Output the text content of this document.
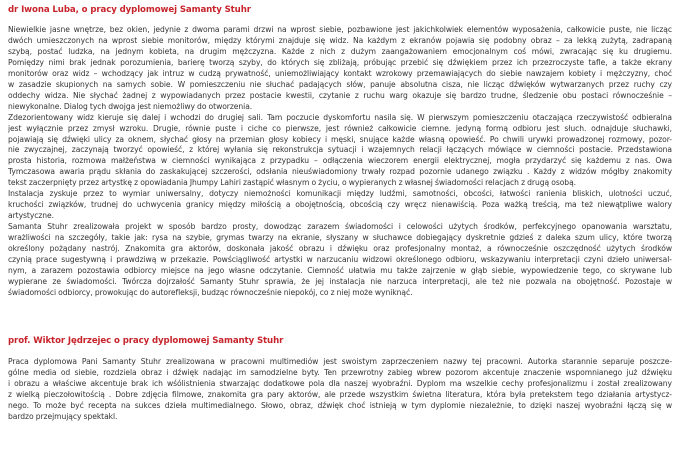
dr Iwona Luba, o pracy dyplomowej Samanty Stuhr
Niewielkie jasne wnętrze, bez okien, jedynie z dwoma parami drzwi na wprost siebie, pozbawione jest jakichkolwiek elementów wyposażenia, całkowicie puste, nie licząc
dwóch umieszczonych na wprost siebie monitorów, między którymi znajduje się widz. Na każdym z ekranów pojawia się podobny obraz – za lekką zużytą, zadrapaną
szybą, postać ludzka, na jednym kobieta, na drugim mężczyzna. Każde z nich z dużym zaangażowaniem emocjonalnym coś mówi, zwracając się ku drugiemu.
Pomiędzy nimi brak jednak porozumienia, barierę tworzą szyby, do których się zbliżają, próbując przebić się dźwiękiem przez ich przezroczyste tafle, a także ekrany
monitorów oraz widz – wchodzący jak intruz w cudzą prywatność, uniemożliwiający kontakt wzrokowy przemawiających do siebie nawzajem kobiety i mężczyzny, choć
w zasadzie skupionych na samych sobie. W pomieszczeniu nie słuchać padających słów, panuje absolutna cisza, nie licząc dźwięków wytwarzanych przez ruchy czy
oddechy widza. Nie słychać żadnej z wypowiadanych przez postacie kwestii, czytanie z ruchu warg okazuje się bardzo trudne, śledzenie obu postaci równocześnie –
niewykonalne. Dialog tych dwojga jest niemożliwy do otworzenia.
Zdezorientowany widz kieruje się dalej i wchodzi do drugiej sali. Tam poczucie dyskomfortu nasila się. W pierwszym pomieszczeniu otaczająca rzeczywistość odbieralna
jest wyłącznie przez zmysł wzroku. Drugie, równie puste i ciche co pierwsze, jest również całkowicie ciemne. jedyną formą odbioru jest słuch. odnajduje słuchawki,
pojawiają się dźwięki ulicy za oknem, słychać głosy na przemian głosy kobiecy i męski, snujące każde własną opowieść. Po chwili urywki prowadzonej rozmowy, pozor-
nie zwyczajnej, zaczynają tworzyć opowieść, z której wyłania się rekonstrukcja sytuacji i wzajemnych relacji łączących mówiące w ciemności postacie. Przedstawiona
prosta historia, rozmowa małżeństwa w ciemności wynikająca z przypadku – odłączenia wieczorem energii elektrycznej, mogła przydarzyć się każdemu z nas. Owa
Tymczasowa awaria prądu skłania do zaskakującej szczerości, odsłania nieuświadomiony trwały rozpad pozornie udanego związku . Każdy z widzów mógłby znakomity
tekst zaczerpnięty przez artystkę z opowiadania Jhumpy Lahiri zastąpić własnym o życiu, o wypieranych z własnej świadomości relacjach z drugą osobą.
Instalacja zyskuje przez to wymiar uniwersalny, dotyczy niemożności komunikacji między ludźmi, samotności, obcości, łatwości ranienia bliskich, ulotności uczuć,
kruchości związków, trudnej do uchwycenia granicy między miłością a obojętnością, obcością czy wręcz nienawiścią. Poza ważką treścią, ma też niewątpliwe walory
artystyczne.
Samanta Stuhr zrealizowała projekt w sposób bardzo prosty, dowodząc zarazem świadomości i celowości użytych środków, perfekcyjnego opanowania warsztatu,
wrażliwości na szczegóły, takie jak: rysa na szybie, grymas twarzy na ekranie, słyszany w słuchawce dobiegający dyskretnie gdzieś z daleka szum ulicy, które tworzą
określony pożądany nastrój. Znakomita gra aktorów, doskonała jakość obrazu i dźwięku oraz profesjonalny montaż, a równocześnie oszczędność użytych środków
czynią prace sugestywną i prawdziwą w przekazie. Powściągliwość artystki w narzucaniu widzowi określonego odbioru, wskazywaniu interpretacji czyni dzieło uniwersal-
nym, a zarazem pozostawia odbiorcy miejsce na jego własne odczytanie. Ciemność ułatwia mu także zajrzenie w głąb siebie, wypowiedzenie tego, co skrywane lub
wypierane ze świadomości. Twórcza dojrzałość Samanty Stuhr sprawia, że jej instalacja nie narzuca interpretacji, ale też nie pozwala na obojętność. Pozostaje w
świadomości odbiorcy, prowokując do autorefleksji, budząc równocześnie niepokój, co z niej może wyniknąć.
prof. Wiktor Jędrzejec o pracy dyplomowej Samanty Stuhr
Praca dyplomowa Pani Samanty Stuhr zrealizowana w pracowni multimediów jest swoistym zaprzeczeniem nazwy tej pracowni. Autorka starannie separuje poszcze-
gólne media od siebie, rozdziela obraz i dźwięk nadając im samodzielne byty. Ten przewrotny zabieg wbrew pozorom akcentuje znaczenie wspomnianego już dźwięku
i obrazu a właściwe akcentuje brak ich wśólistnienia stwarzając dodatkowe pola dla naszej wyobraźni. Dyplom ma wszelkie cechy profesjonalizmu i został zrealizowany
z wielką pieczołowitością . Dobre zdjęcia filmowe, znakomita gra pary aktorów, ale przede wszystkim świetna literatura, która była pretekstem tego działania artystycz-
nego. To może być recepta na sukces dzieła multimedialnego. Słowo, obraz, dźwięk choć istnieją w tym dyplomie niezależnie, to dzięki naszej wyobraźni łączą się w
bardzo przejmujący spektakl.
